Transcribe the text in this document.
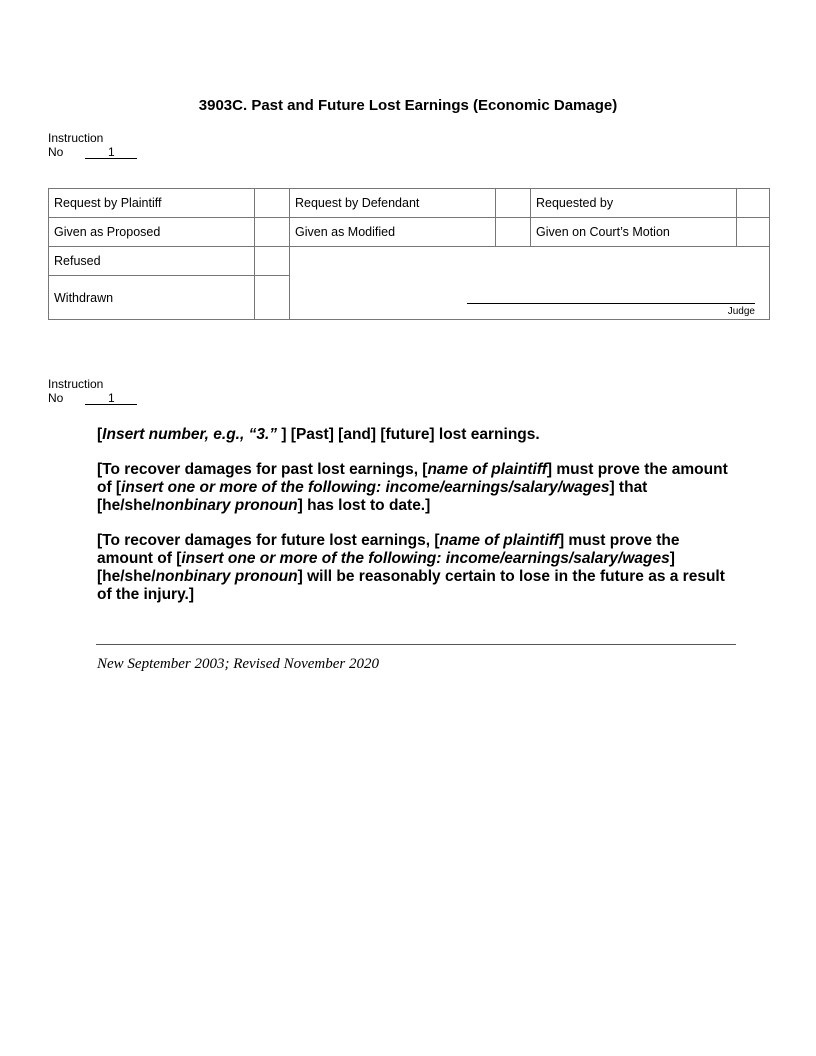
3903C. Past and Future Lost Earnings (Economic Damage)
Instruction
No	1
Request by Plaintiff		Request by Defendant		Requested by	
Given as Proposed		Given as Modified		Given on Court’s Motion	
Refused		Judge			

Withdrawn					
Instruction
No	1
[Insert number, e.g., “3.” ] [Past] [and] [future] lost earnings.
[To recover damages for past lost earnings, [name of plaintiff] must prove the amount of [insert one or more of the following: income/earnings/salary/wages] that [he/she/nonbinary pronoun] has lost to date.]
[To recover damages for future lost earnings, [name of plaintiff] must prove the amount of [insert one or more of the following: income/earnings/salary/wages] [he/she/nonbinary pronoun] will be reasonably certain to lose in the future as a result of the injury.]
New September 2003; Revised November 2020
